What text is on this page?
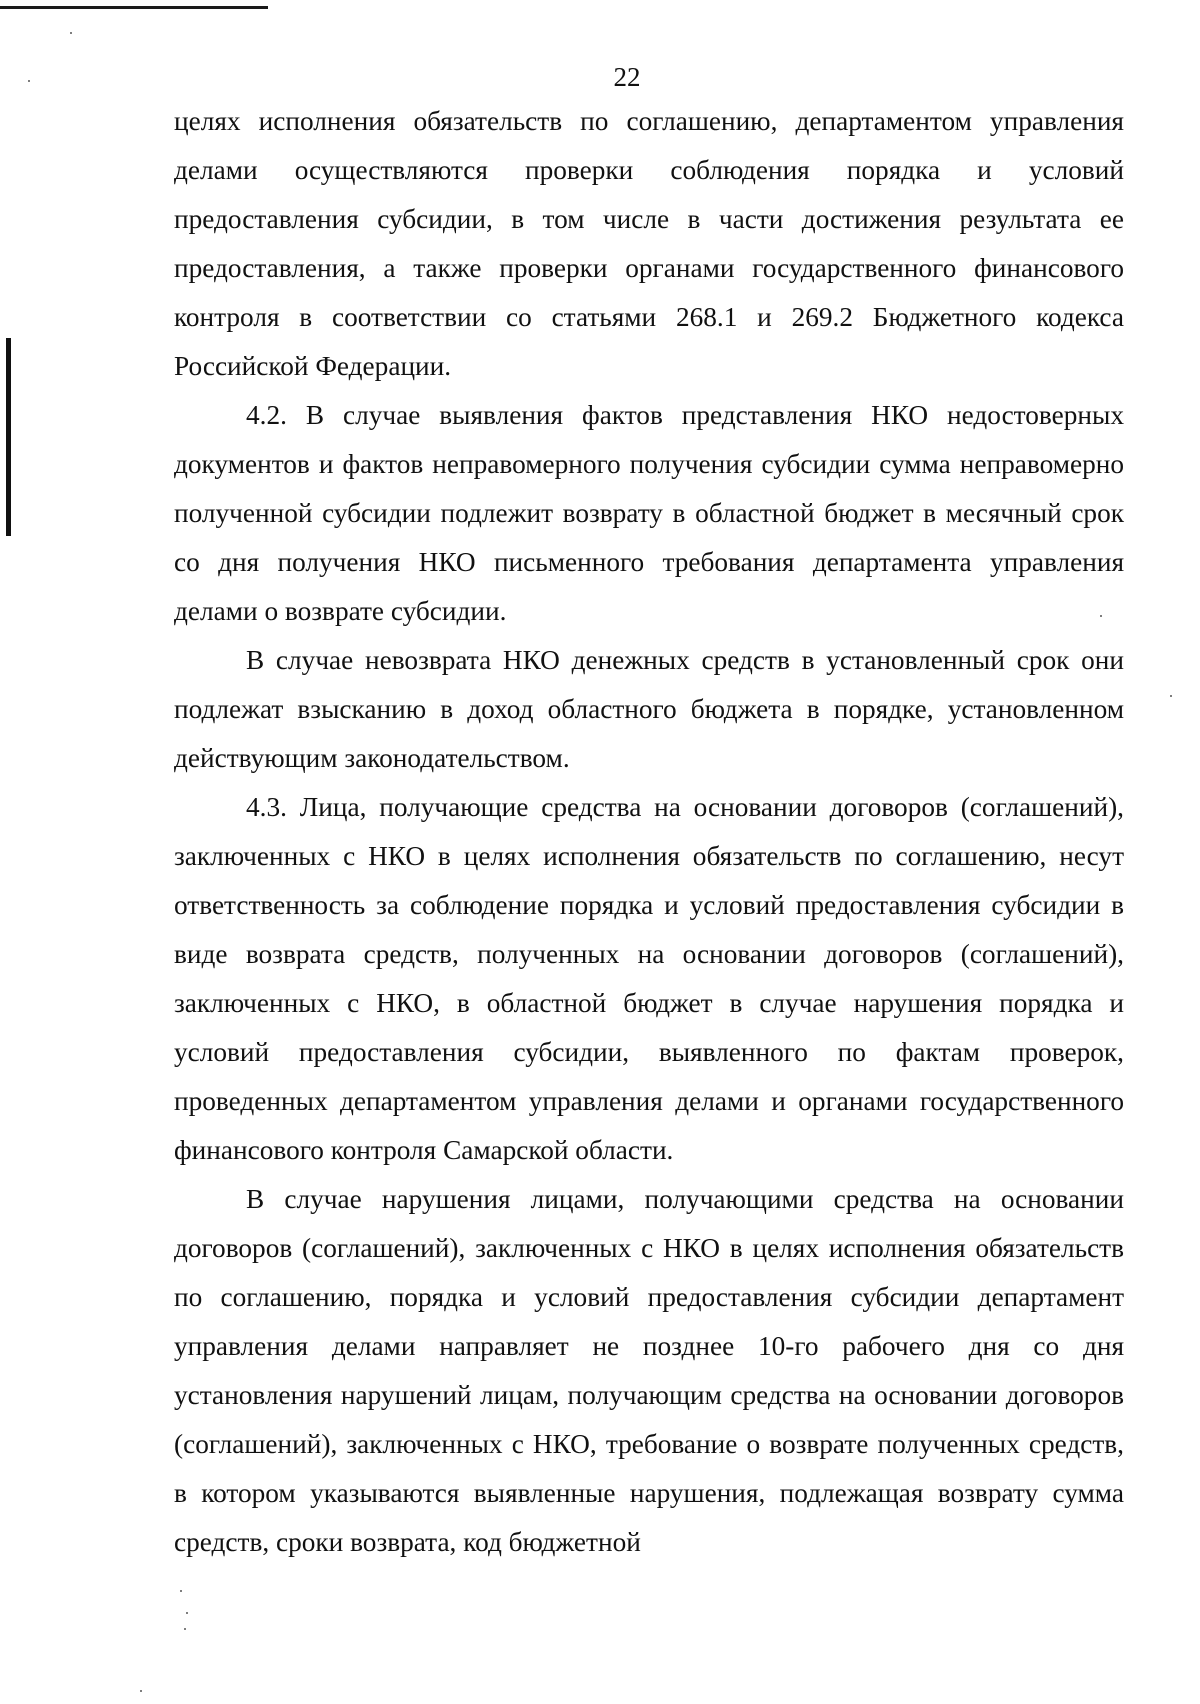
22

целях исполнения обязательств по соглашению, департаментом управления делами осуществляются проверки соблюдения порядка и условий предоставления субсидии, в том числе в части достижения результата ее предоставления, а также проверки органами государственного финансового контроля в соответствии со статьями 268.1 и 269.2 Бюджетного кодекса Российской Федерации.

4.2. В случае выявления фактов представления НКО недостоверных документов и фактов неправомерного получения субсидии сумма неправомерно полученной субсидии подлежит возврату в областной бюджет в месячный срок со дня получения НКО письменного требования департамента управления делами о возврате субсидии.

В случае невозврата НКО денежных средств в установленный срок они подлежат взысканию в доход областного бюджета в порядке, установленном действующим законодательством.

4.3. Лица, получающие средства на основании договоров (соглашений), заключенных с НКО в целях исполнения обязательств по соглашению, несут ответственность за соблюдение порядка и условий предоставления субсидии в виде возврата средств, полученных на основании договоров (соглашений), заключенных с НКО, в областной бюджет в случае нарушения порядка и условий предоставления субсидии, выявленного по фактам проверок, проведенных департаментом управления делами и органами государственного финансового контроля Самарской области.

В случае нарушения лицами, получающими средства на основании договоров (соглашений), заключенных с НКО в целях исполнения обязательств по соглашению, порядка и условий предоставления субсидии департамент управления делами направляет не позднее 10-го рабочего дня со дня установления нарушений лицам, получающим средства на основании договоров (соглашений), заключенных с НКО, требование о возврате полученных средств, в котором указываются выявленные нарушения, подлежащая возврату сумма средств, сроки возврата, код бюджетной
